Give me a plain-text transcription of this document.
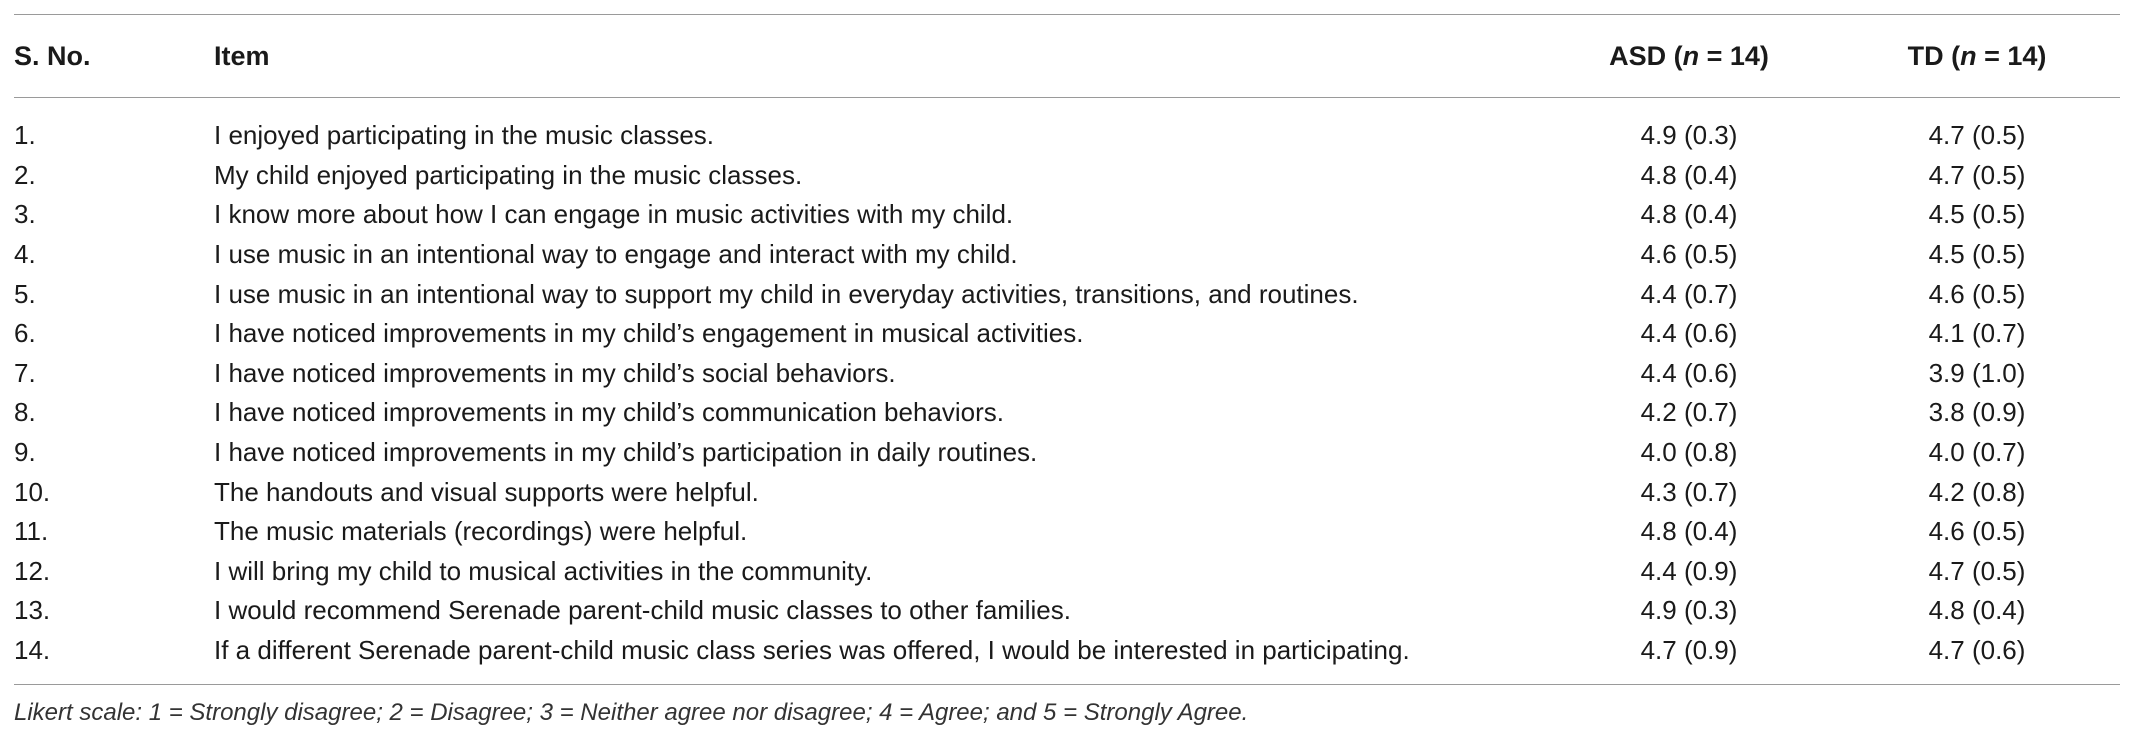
S. No.	Item	ASD (n = 14)	TD (n = 14)
1.	I enjoyed participating in the music classes.	4.9 (0.3)	4.7 (0.5)
2.	My child enjoyed participating in the music classes.	4.8 (0.4)	4.7 (0.5)
3.	I know more about how I can engage in music activities with my child.	4.8 (0.4)	4.5 (0.5)
4.	I use music in an intentional way to engage and interact with my child.	4.6 (0.5)	4.5 (0.5)
5.	I use music in an intentional way to support my child in everyday activities, transitions, and routines.	4.4 (0.7)	4.6 (0.5)
6.	I have noticed improvements in my child’s engagement in musical activities.	4.4 (0.6)	4.1 (0.7)
7.	I have noticed improvements in my child’s social behaviors.	4.4 (0.6)	3.9 (1.0)
8.	I have noticed improvements in my child’s communication behaviors.	4.2 (0.7)	3.8 (0.9)
9.	I have noticed improvements in my child’s participation in daily routines.	4.0 (0.8)	4.0 (0.7)
10.	The handouts and visual supports were helpful.	4.3 (0.7)	4.2 (0.8)
11.	The music materials (recordings) were helpful.	4.8 (0.4)	4.6 (0.5)
12.	I will bring my child to musical activities in the community.	4.4 (0.9)	4.7 (0.5)
13.	I would recommend Serenade parent-child music classes to other families.	4.9 (0.3)	4.8 (0.4)
14.	If a different Serenade parent-child music class series was offered, I would be interested in participating.	4.7 (0.9)	4.7 (0.6)
Likert scale: 1 = Strongly disagree; 2 = Disagree; 3 = Neither agree nor disagree; 4 = Agree; and 5 = Strongly Agree.
